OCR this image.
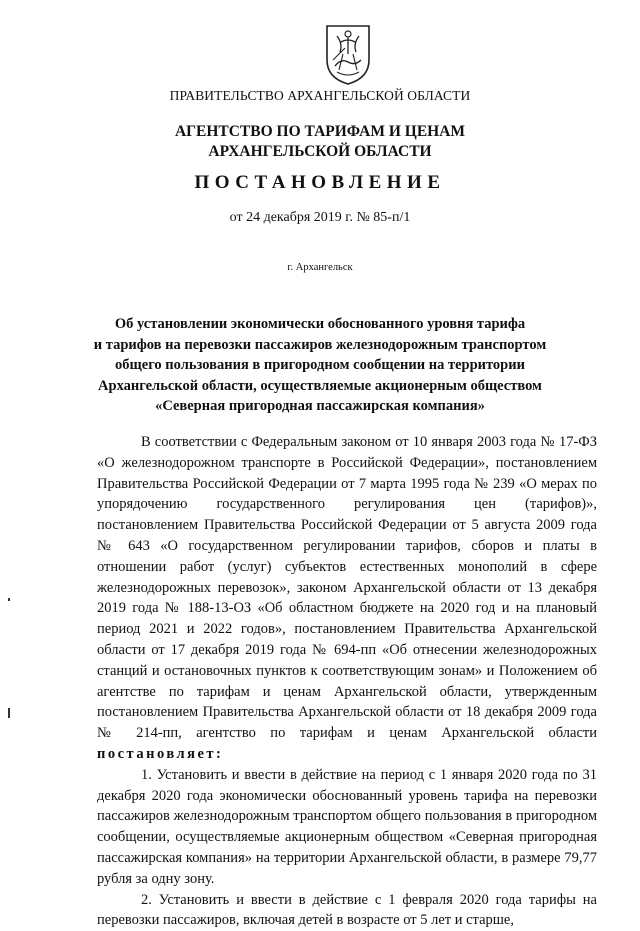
ПРАВИТЕЛЬСТВО АРХАНГЕЛЬСКОЙ ОБЛАСТИ
АГЕНТСТВО ПО ТАРИФАМ И ЦЕНАМ
АРХАНГЕЛЬСКОЙ ОБЛАСТИ
ПОСТАНОВЛЕНИЕ
от 24 декабря 2019 г. № 85-п/1
г. Архангельск
Об установлении экономически обоснованного уровня тарифа
и тарифов на перевозки пассажиров железнодорожным транспортом
общего пользования в пригородном сообщении на территории
Архангельской области, осуществляемые акционерным обществом
«Северная пригородная пассажирская компания»

В соответствии с Федеральным законом от 10 января 2003 года № 17-ФЗ «О железнодорожном транспорте в Российской Федерации», постановлением Правительства Российской Федерации от 7 марта 1995 года № 239 «О мерах по упорядочению государственного регулирования цен (тарифов)», постановлением Правительства Российской Федерации от 5 августа 2009 года № 643 «О государственном регулировании тарифов, сборов и платы в отношении работ (услуг) субъектов естественных монополий в сфере железнодорожных перевозок», законом Архангельской области от 13 декабря 2019 года № 188-13-ОЗ «Об областном бюджете на 2020 год и на плановый период 2021 и 2022 годов», постановлением Правительства Архангельской области от 17 декабря 2019 года № 694-пп «Об отнесении железнодорожных станций и остановочных пунктов к соответствующим зонам» и Положением об агентстве по тарифам и ценам Архангельской области, утвержденным постановлением Правительства Архангельской области от 18 декабря 2009 года № 214-пп, агентство по тарифам и ценам Архангельской области постановляет:

1. Установить и ввести в действие на период с 1 января 2020 года по 31 декабря 2020 года экономически обоснованный уровень тарифа на перевозки пассажиров железнодорожным транспортом общего пользования в пригородном сообщении, осуществляемые акционерным обществом «Северная пригородная пассажирская компания» на территории Архангельской области, в размере 79,77 рубля за одну зону.

2. Установить и ввести в действие с 1 февраля 2020 года тарифы на перевозки пассажиров, включая детей в возрасте от 5 лет и старше,
